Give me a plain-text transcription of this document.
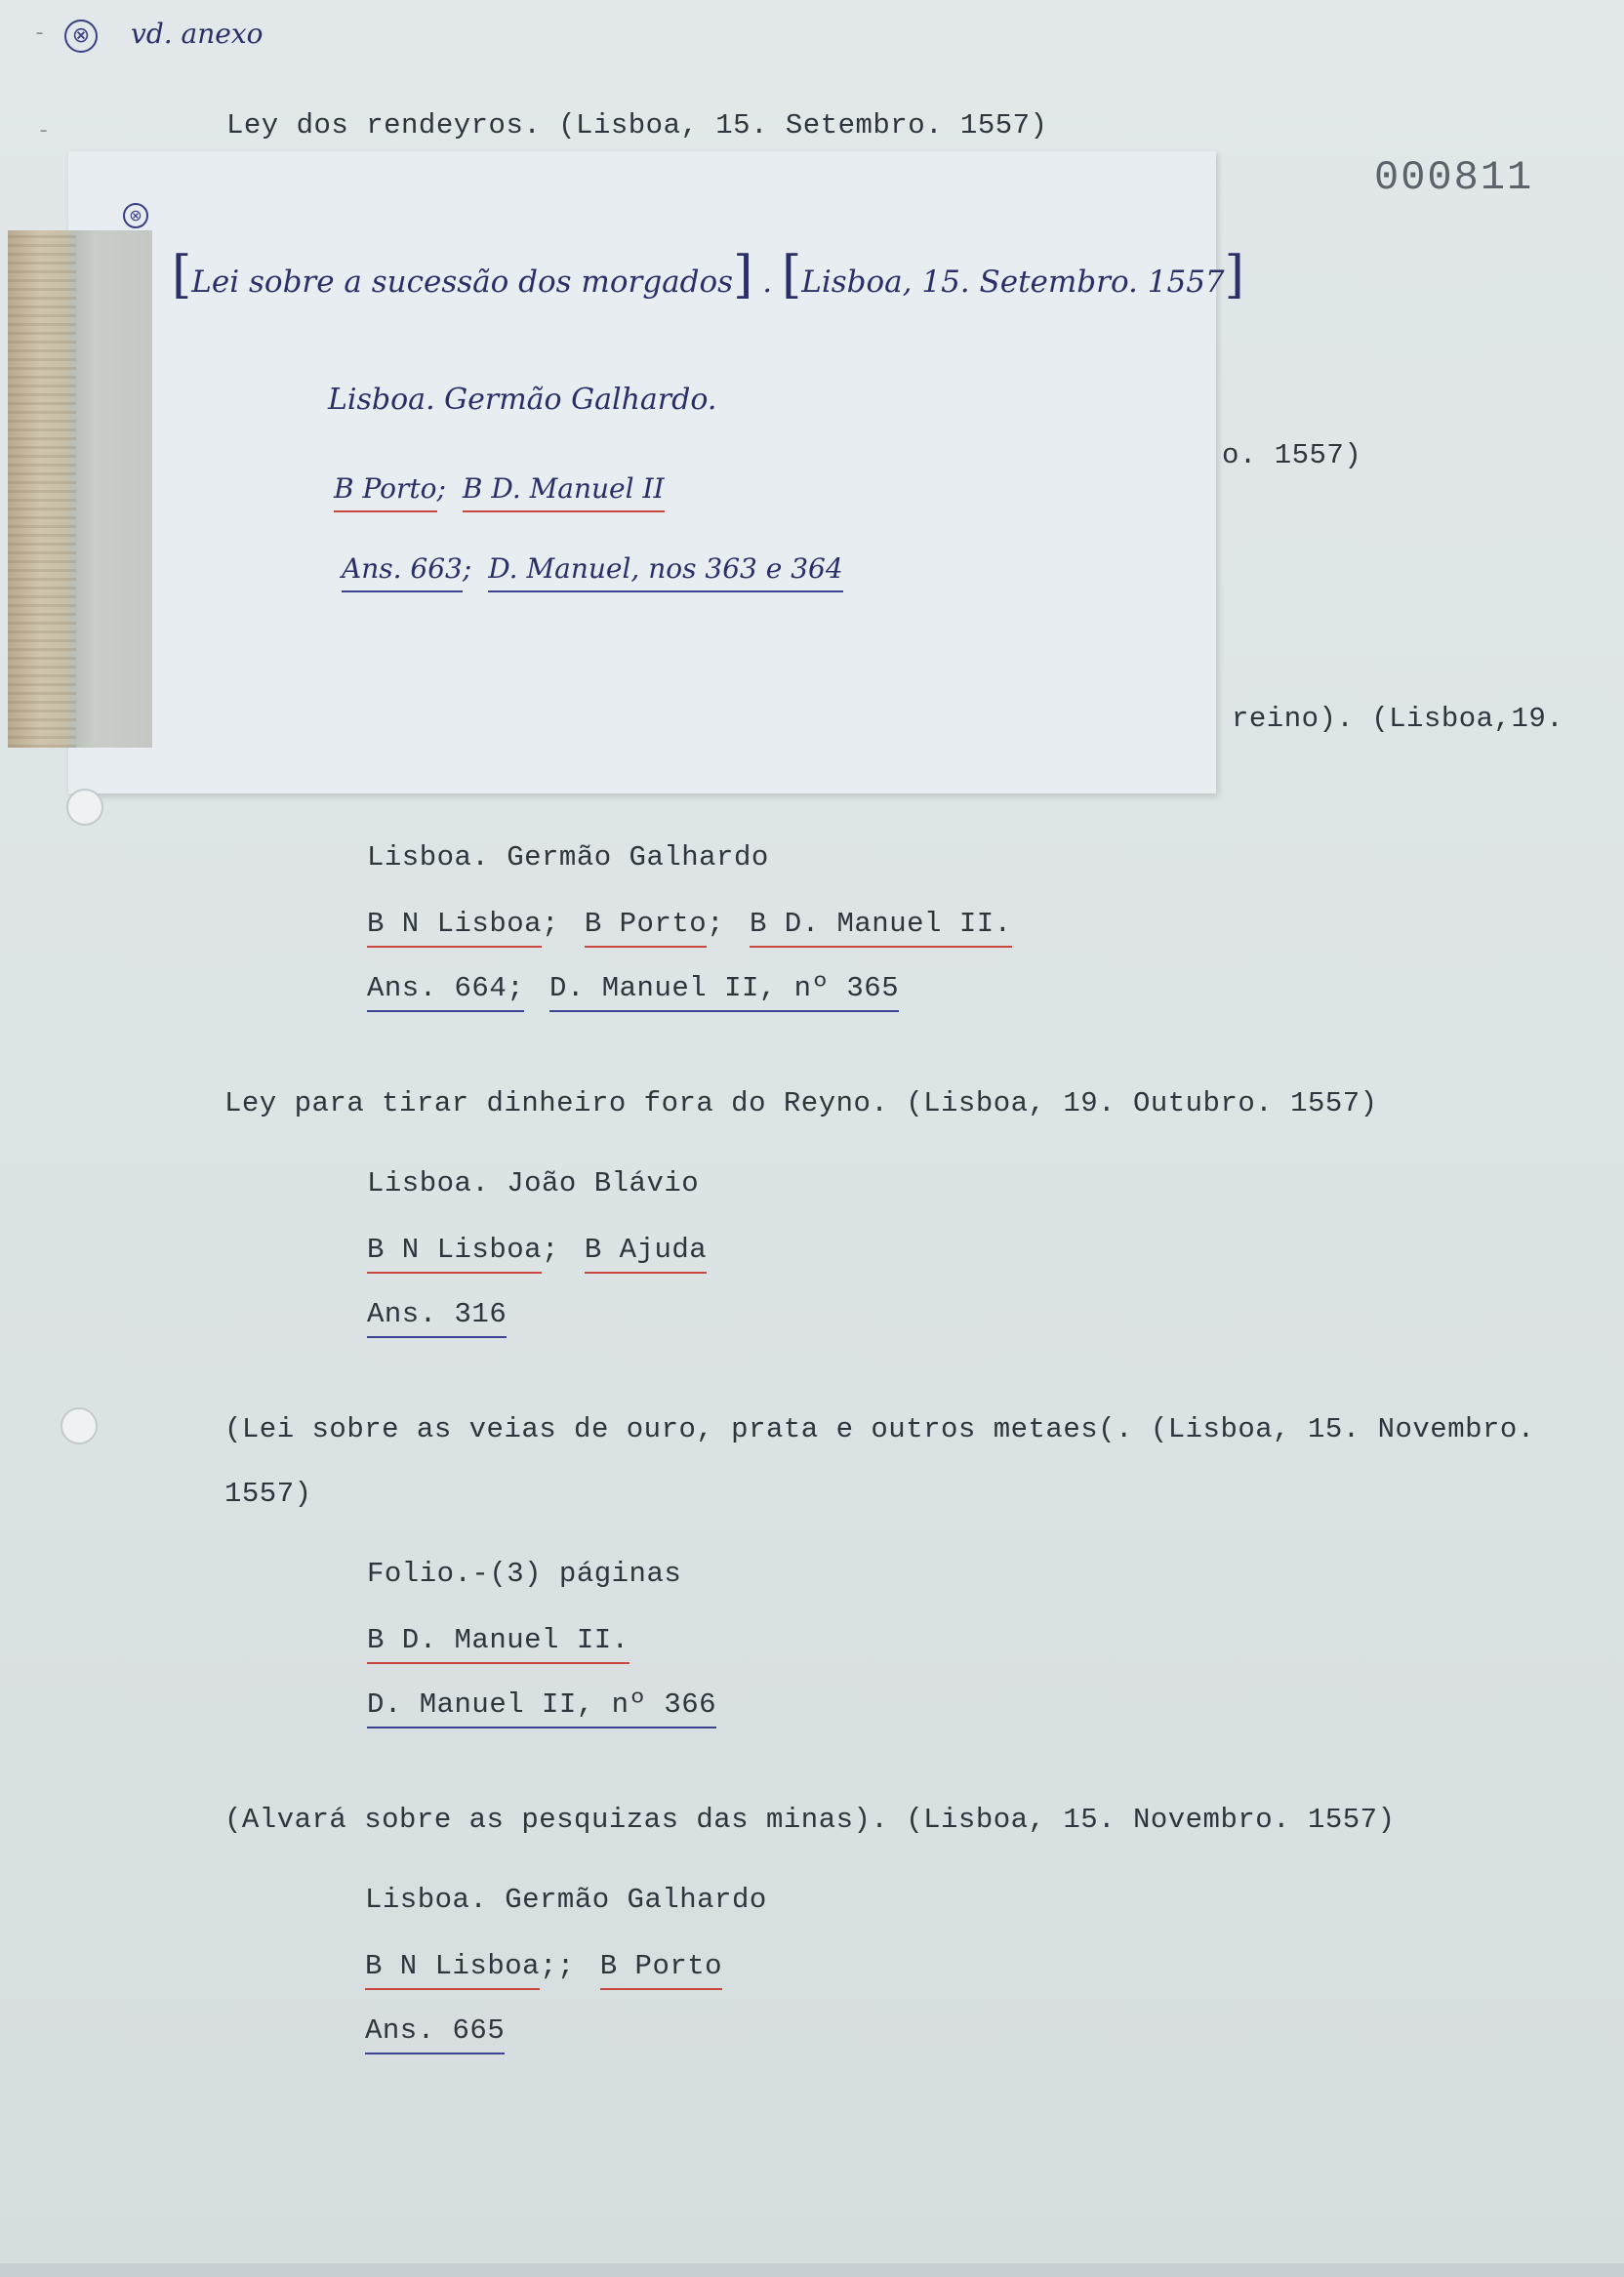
-	⊗ vd. anexo
-	Ley dos rendeyros. (Lisboa, 15. Setembro. 1557)
000811
o. 1557)
reino). (Lisboa,19.
⊗
[Lei sobre a sucessão dos morgados] . [Lisboa, 15. Setembro. 1557]
Lisboa. Germão Galhardo.
B Porto; B D. Manuel II
Ans. 663; D. Manuel, nos 363 e 364
Lisboa. Germão Galhardo
B N Lisboa; B Porto; B D. Manuel II.
Ans. 664; D. Manuel II, nº 365
Ley para tirar dinheiro fora do Reyno. (Lisboa, 19. Outubro. 1557)
Lisboa. João Blávio
B N Lisboa; B Ajuda
Ans. 316
(Lei sobre as veias de ouro, prata e outros metaes(. (Lisboa, 15. Novembro.
1557)
Folio.-(3) páginas
B D. Manuel II.
D. Manuel II, nº 366
(Alvará sobre as pesquizas das minas). (Lisboa, 15. Novembro. 1557)
Lisboa. Germão Galhardo
B N Lisboa;; B Porto
Ans. 665
